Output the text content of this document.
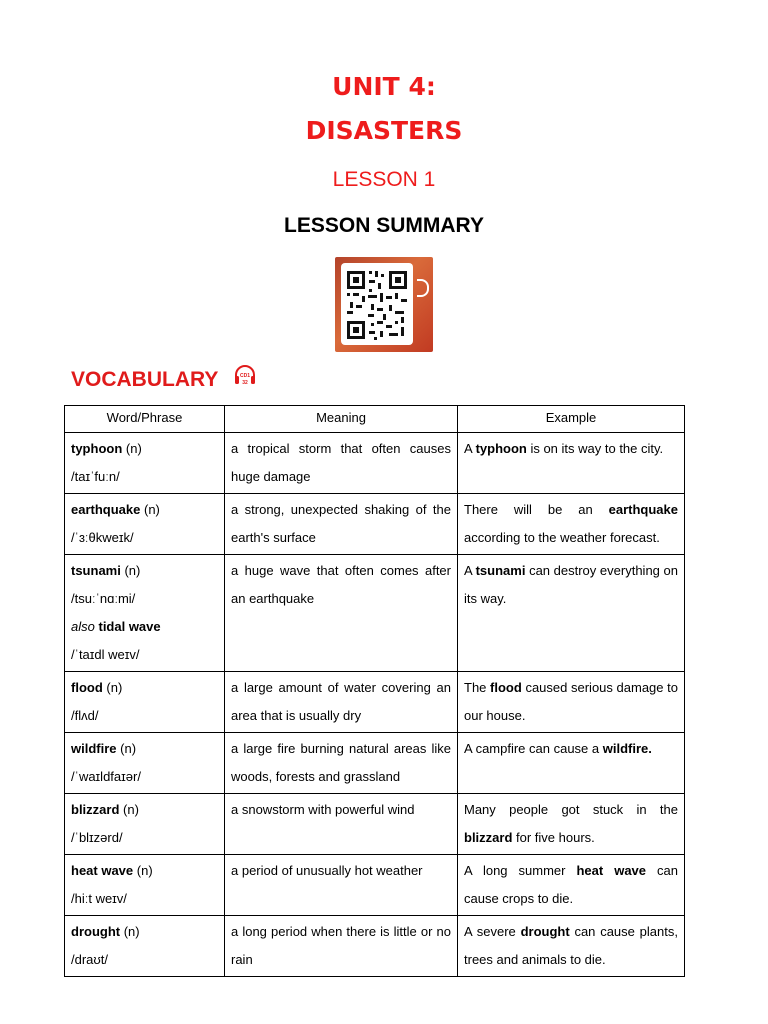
UNIT 4:
DISASTERS
LESSON 1
LESSON SUMMARY
VOCABULARY	CD1
32
Word/Phrase	Meaning	Example

typhoon (n)
/taɪˈfuːn/	a tropical storm that often causes huge damage	A typhoon is on its way to the city.

earthquake (n)
/ˈɜːθkweɪk/	a strong, unexpected shaking of the earth's surface	There will be an earthquake according to the weather forecast.

tsunami (n)
/tsuːˈnɑːmi/
also tidal wave
/ˈtaɪdl weɪv/	a huge wave that often comes after an earthquake	A tsunami can destroy everything on its way.

flood (n)
/flʌd/	a large amount of water covering an area that is usually dry	The flood caused serious damage to our house.

wildfire (n)
/ˈwaɪldfaɪər/	a large fire burning natural areas like woods, forests and grassland	A campfire can cause a wildfire.

blizzard (n)
/ˈblɪzərd/	a snowstorm with powerful wind	Many people got stuck in the blizzard for five hours.

heat wave (n)
/hiːt weɪv/	a period of unusually hot weather	A long summer heat wave can cause crops to die.

drought (n)
/draʊt/	a long period when there is little or no rain	A severe drought can cause plants, trees and animals to die.
